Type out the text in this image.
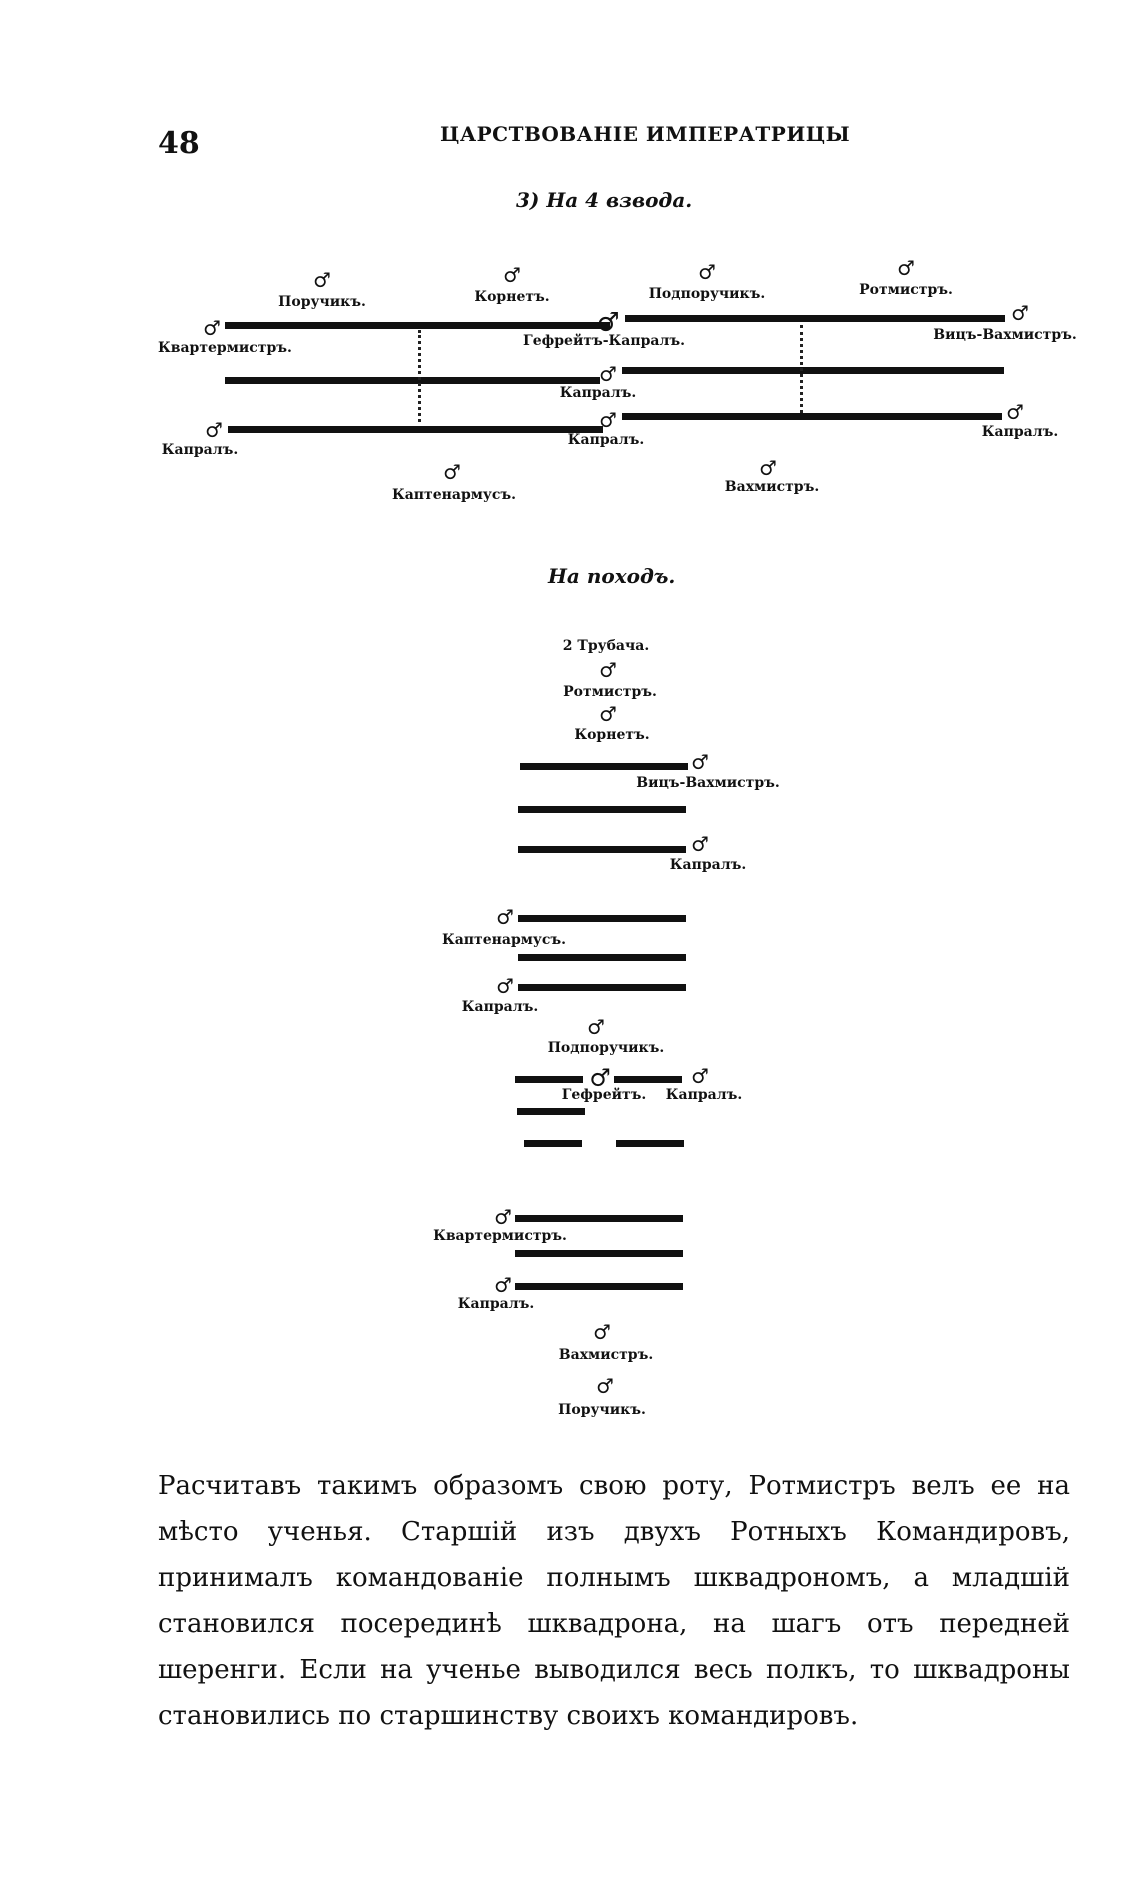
48	ЦАРСТВОВАНІЕ ИМПЕРАТРИЦЫ
3) На 4 взвода.
♂
Поручикъ.
♂
Корнетъ.
♂
Подпоручикъ.
♂
Ротмистръ.
♂	♂	♂
Квартермистръ.	Гефрейтъ-Капралъ.	Вицъ-Вахмистръ.
♂
Капралъ.
♂	♂	♂
Капралъ.
Капралъ.	Капралъ.
♂
Каптенармусъ.
♂
Вахмистръ.
На походъ.
2 Трубача.
♂
Ротмистръ.
♂
Корнетъ.
♂
Вицъ-Вахмистръ.
♂
Капралъ.
♂
Каптенармусъ.
♂
Капралъ.
♂
Подпоручикъ.
♂	♂
Гефрейтъ. Капралъ.
♂
Квартермистръ.
♂
Капралъ.
♂
Вахмистръ.
♂
Поручикъ.
Расчитавъ такимъ образомъ свою роту, Ротмистръ велъ ее на мѣсто ученья. Старшій изъ двухъ Ротныхъ Командировъ, принималъ командованіе полнымъ шквадрономъ, а младшій становился посерединѣ шквадрона, на шагъ отъ передней шеренги. Если на ученье выводился весь полкъ, то шквадроны становились по старшинству своихъ командировъ.
